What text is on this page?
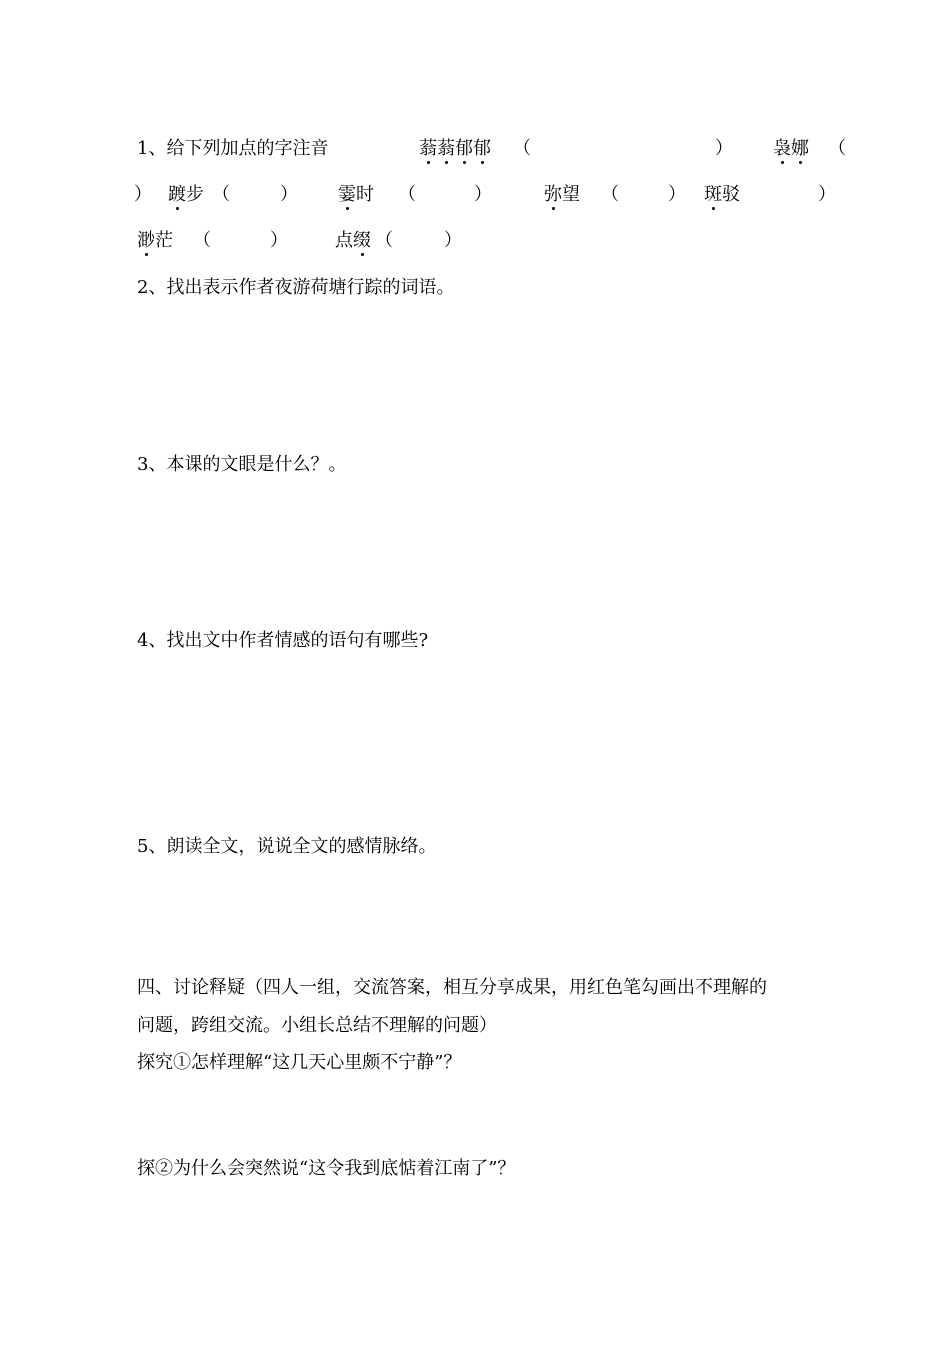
1、给下列加点的字注音	蓊蓊郁郁 （	） 袅娜 （
） 踱步 （	） 霎时 （	）	弥望 （	） 斑驳	）
渺茫 （	）	点缀 （	）
2、找出表示作者夜游荷塘行踪的词语。
3、本课的文眼是什么？。
4、找出文中作者情感的语句有哪些?
5、朗读全文，说说全文的感情脉络。
四、讨论释疑（四人一组，交流答案，相互分享成果，用红色笔勾画出不理解的
问题，跨组交流。小组长总结不理解的问题）
探究①怎样理解“这几天心里颇不宁静”？
探②为什么会突然说“这令我到底惦着江南了”？
